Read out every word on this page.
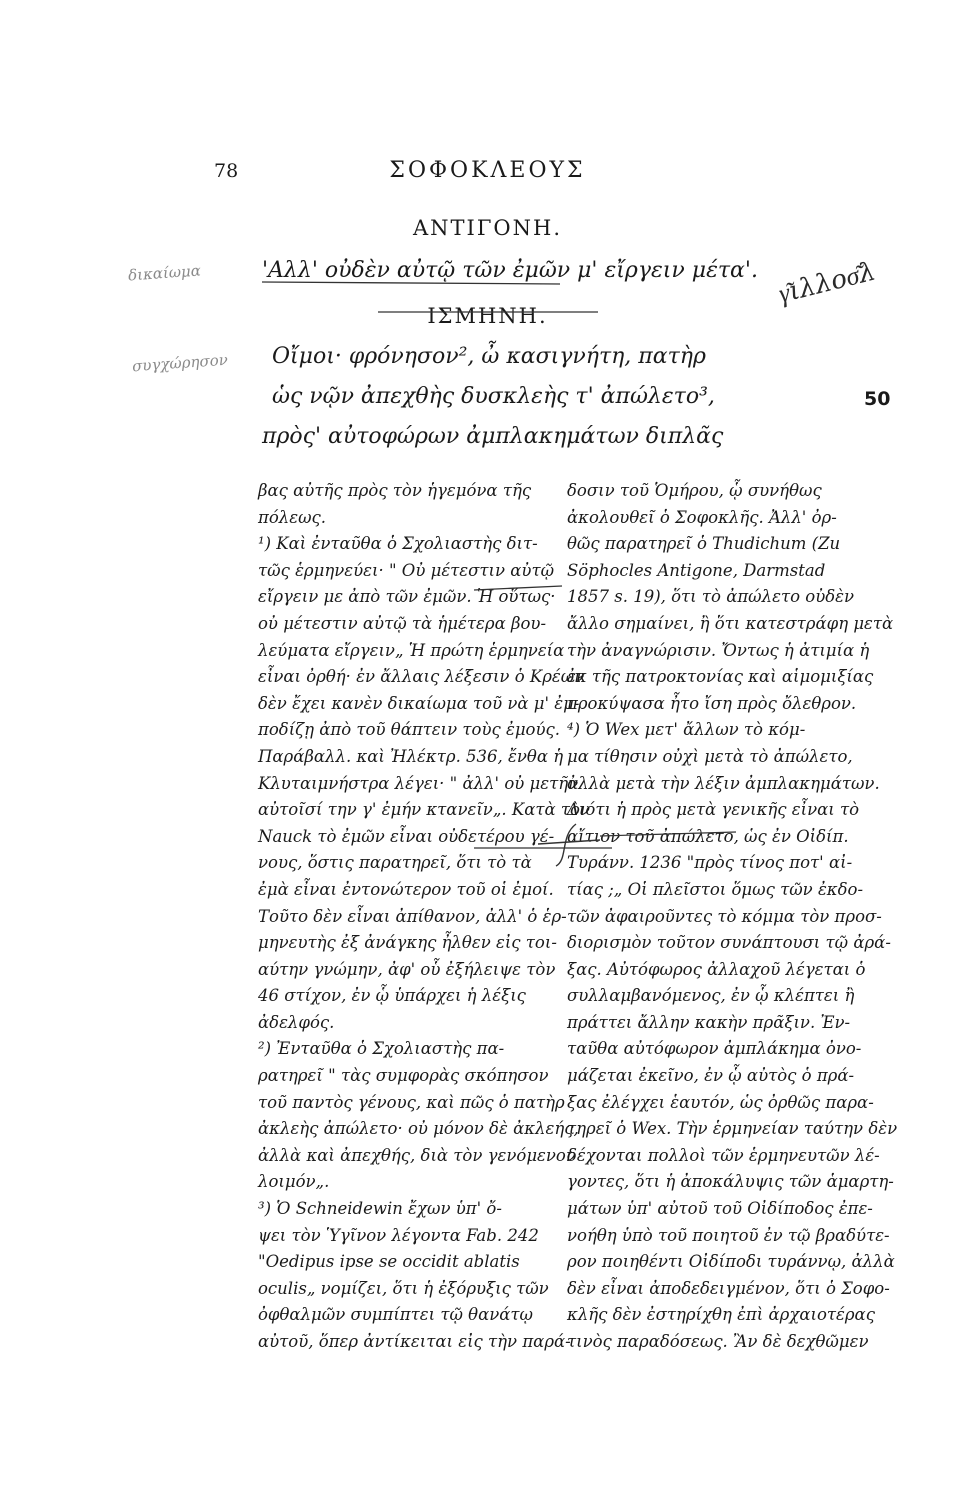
78	ΣΟΦΟΚΛΕΟΥΣ
ΑΝΤΙΓΟΝΗ.
δικαίωμα	'Αλλ' οὐδὲν αὐτῷ τῶν ἐμῶν μ' εἴργειν μέτα'. γ͂ιλλοσ͂λ
ΙΣΜΗΝΗ.
συγχώρησον Οἴμοι· φρόνησον², ὦ κασιγνήτη, πατὴρ
ὡς νῷν ἀπεχθὴς δυσκλεὴς τ' ἀπώλετο³,
πρὸς' αὐτοφώρων ἀμπλακημάτων διπλᾶς
50
βας αὐτῆς πρὸς τὸν ἡγεμόνα τῆς
πόλεως.
¹) Καὶ ἐνταῦθα ὁ Σχολιαστὴς διτ-
τῶς ἑρμηνεύει· " Οὐ μέτεστιν αὐτῷ
εἴργειν με ἀπὸ τῶν ἐμῶν. Ἡ οὕτως·
οὐ μέτεστιν αὐτῷ τὰ ἡμέτερα βου-
λεύματα εἴργειν„ Ἡ πρώτη ἑρμηνεία
εἶναι ὀρθή· ἐν ἄλλαις λέξεσιν ὁ Κρέων
δὲν ἔχει κανὲν δικαίωμα τοῦ νὰ μ' ἐμ-
ποδίζῃ ἀπὸ τοῦ θάπτειν τοὺς ἐμούς.
Παράβαλλ. καὶ Ἠλέκτρ. 536, ἔνθα ἡ
Κλυταιμνήστρα λέγει· " ἀλλ' οὐ μετῆν
αὐτοῖσί την γ' ἐμήν κτανεῖν„. Κατὰ τὸν
Nauck τὸ ἐμῶν εἶναι οὐδετέρου γέ-
νους, ὅστις παρατηρεῖ, ὅτι τὸ τὰ
ἐμὰ εἶναι ἐντονώτερον τοῦ οἱ ἐμοί.
Τοῦτο δὲν εἶναι ἀπίθανον, ἀλλ' ὁ ἑρ-
μηνευτὴς ἐξ ἀνάγκης ἦλθεν εἰς τοι-
αύτην γνώμην, ἀφ' οὗ ἐξήλειψε τὸν
46 στίχον, ἐν ᾧ ὑπάρχει ἡ λέξις
ἀδελφός.
²) Ἐνταῦθα ὁ Σχολιαστὴς πα-
ρατηρεῖ " τὰς συμφορὰς σκόπησον
τοῦ παντὸς γένους, καὶ πῶς ὁ πατὴρ
ἀκλεὴς ἀπώλετο· οὐ μόνον δὲ ἀκλεής,
ἀλλὰ καὶ ἀπεχθής, διὰ τὸν γενόμενον
λοιμόν„.
³) Ὁ Schneidewin ἔχων ὑπ' ὄ-
ψει τὸν Ὑγῖνον λέγοντα Fab. 242
"Oedipus ipse se occidit ablatis
oculis„ νομίζει, ὅτι ἡ ἐξόρυξις τῶν
ὀφθαλμῶν συμπίπτει τῷ θανάτῳ
αὐτοῦ, ὅπερ ἀντίκειται εἰς τὴν παρά-
δοσιν τοῦ Ὁμήρου, ᾧ συνήθως
ἀκολουθεῖ ὁ Σοφοκλῆς. Ἀλλ' ὀρ-
θῶς παρατηρεῖ ὁ Thudichum (Zu
Söphocles Antigone, Darmstad
1857 s. 19), ὅτι τὸ ἀπώλετο οὐδὲν
ἄλλο σημαίνει, ἢ ὅτι κατεστράφη μετὰ
τὴν ἀναγνώρισιν. Ὄντως ἡ ἀτιμία ἡ
ἐκ τῆς πατροκτονίας καὶ αἱμομιξίας
προκύψασα ἦτο ἴση πρὸς ὄλεθρον.
⁴) Ὁ Wex μετ' ἄλλων τὸ κόμ-
μα τίθησιν οὐχὶ μετὰ τὸ ἀπώλετο,
ἀλλὰ μετὰ τὴν λέξιν ἀμπλακημάτων.
Διότι ἡ πρὸς μετὰ γενικῆς εἶναι τὸ
αἴτιον τοῦ ἀπώλετο, ὡς ἐν Οἰδίπ.
Τυράνν. 1236 "πρὸς τίνος ποτ' αἰ-
τίας ;„ Οἱ πλεῖστοι ὅμως τῶν ἐκδο-
τῶν ἀφαιροῦντες τὸ κόμμα τὸν προσ-
διορισμὸν τοῦτον συνάπτουσι τῷ ἀρά-
ξας. Αὐτόφωρος ἀλλαχοῦ λέγεται ὁ
συλλαμβανόμενος, ἐν ᾧ κλέπτει ἢ
πράττει ἄλλην κακὴν πρᾶξιν. Ἐν-
ταῦθα αὐτόφωρον ἀμπλάκημα ὀνο-
μάζεται ἐκεῖνο, ἐν ᾧ αὐτὸς ὁ πρά-
ξας ἐλέγχει ἑαυτόν, ὡς ὀρθῶς παρα-
τηρεῖ ὁ Wex. Τὴν ἑρμηνείαν ταύτην δὲν
δέχονται πολλοὶ τῶν ἑρμηνευτῶν λέ-
γοντες, ὅτι ἡ ἀποκάλυψις τῶν ἁμαρτη-
μάτων ὑπ' αὐτοῦ τοῦ Οἰδίποδος ἐπε-
νοήθη ὑπὸ τοῦ ποιητοῦ ἐν τῷ βραδύτε-
ρον ποιηθέντι Οἰδίποδι τυράννῳ, ἀλλὰ
δὲν εἶναι ἀποδεδειγμένον, ὅτι ὁ Σοφο-
κλῆς δὲν ἐστηρίχθη ἐπὶ ἀρχαιοτέρας
τινὸς παραδόσεως. Ἂν δὲ δεχθῶμεν
